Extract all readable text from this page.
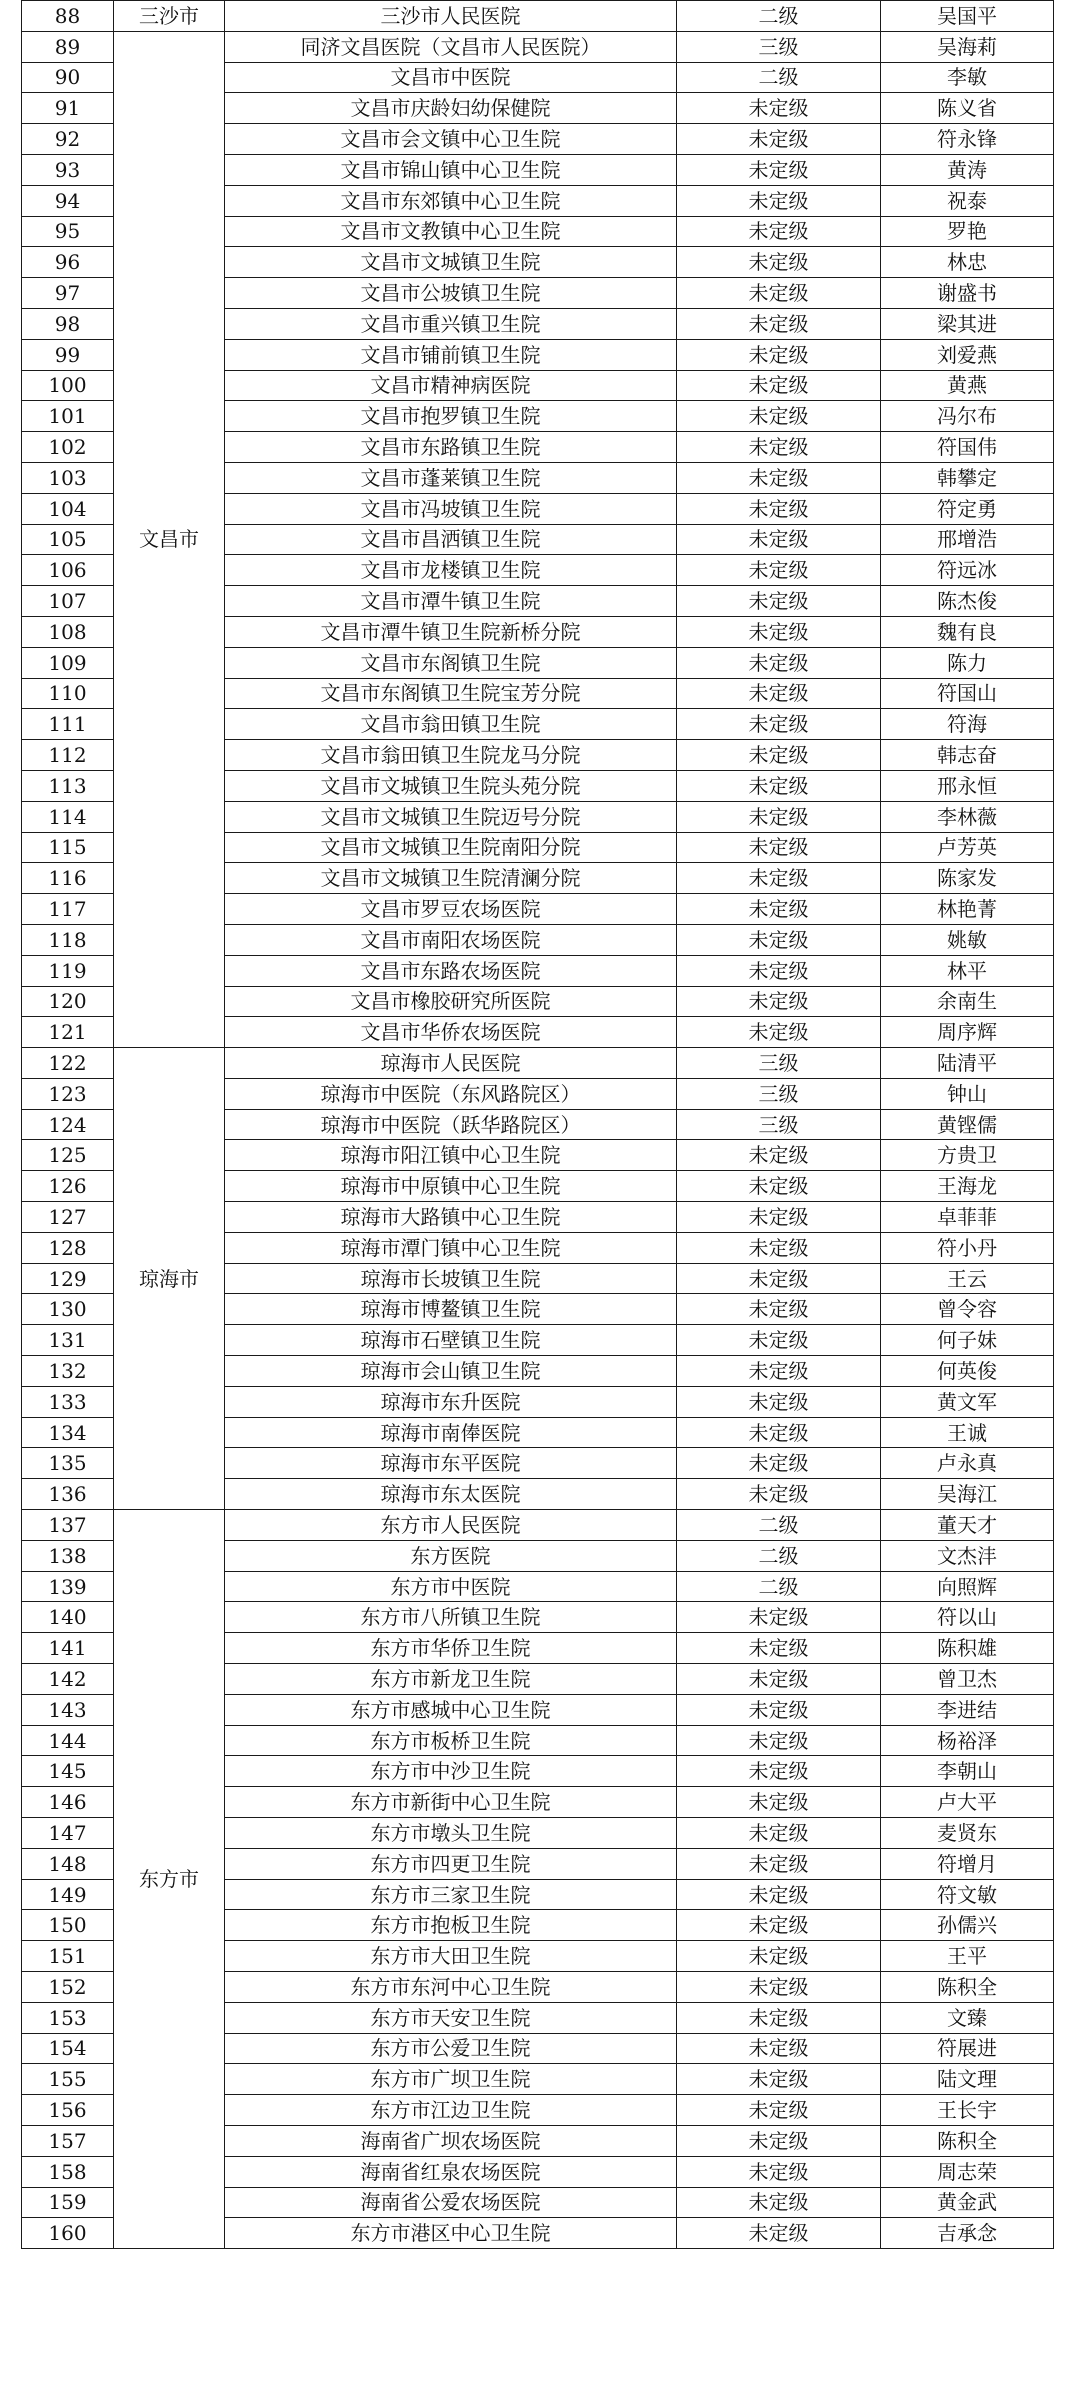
88	三沙市	三沙市人民医院	二级	吴国平
89	文昌市	同济文昌医院（文昌市人民医院）	三级	吴海莉
90		文昌市中医院	二级	李敏
91		文昌市庆龄妇幼保健院	未定级	陈义省
92		文昌市会文镇中心卫生院	未定级	符永锋
93		文昌市锦山镇中心卫生院	未定级	黄涛
94		文昌市东郊镇中心卫生院	未定级	祝泰
95		文昌市文教镇中心卫生院	未定级	罗艳
96		文昌市文城镇卫生院	未定级	林忠
97		文昌市公坡镇卫生院	未定级	谢盛书
98		文昌市重兴镇卫生院	未定级	梁其进
99		文昌市铺前镇卫生院	未定级	刘爱燕
100		文昌市精神病医院	未定级	黄燕
101		文昌市抱罗镇卫生院	未定级	冯尔布
102		文昌市东路镇卫生院	未定级	符国伟
103		文昌市蓬莱镇卫生院	未定级	韩攀定
104		文昌市冯坡镇卫生院	未定级	符定勇
105		文昌市昌洒镇卫生院	未定级	邢增浩
106		文昌市龙楼镇卫生院	未定级	符远冰
107		文昌市潭牛镇卫生院	未定级	陈杰俊
108		文昌市潭牛镇卫生院新桥分院	未定级	魏有良
109		文昌市东阁镇卫生院	未定级	陈力
110		文昌市东阁镇卫生院宝芳分院	未定级	符国山
111		文昌市翁田镇卫生院	未定级	符海
112		文昌市翁田镇卫生院龙马分院	未定级	韩志奋
113		文昌市文城镇卫生院头苑分院	未定级	邢永恒
114		文昌市文城镇卫生院迈号分院	未定级	李林薇
115		文昌市文城镇卫生院南阳分院	未定级	卢芳英
116		文昌市文城镇卫生院清澜分院	未定级	陈家发
117		文昌市罗豆农场医院	未定级	林艳菁
118		文昌市南阳农场医院	未定级	姚敏
119		文昌市东路农场医院	未定级	林平
120		文昌市橡胶研究所医院	未定级	余南生
121		文昌市华侨农场医院	未定级	周序辉
122	琼海市	琼海市人民医院	三级	陆清平
123		琼海市中医院（东风路院区）	三级	钟山
124		琼海市中医院（跃华路院区）	三级	黄铿儒
125		琼海市阳江镇中心卫生院	未定级	方贵卫
126		琼海市中原镇中心卫生院	未定级	王海龙
127		琼海市大路镇中心卫生院	未定级	卓菲菲
128		琼海市潭门镇中心卫生院	未定级	符小丹
129		琼海市长坡镇卫生院	未定级	王云
130		琼海市博鳌镇卫生院	未定级	曾令容
131		琼海市石壁镇卫生院	未定级	何子妹
132		琼海市会山镇卫生院	未定级	何英俊
133		琼海市东升医院	未定级	黄文军
134		琼海市南俸医院	未定级	王诚
135		琼海市东平医院	未定级	卢永真
136		琼海市东太医院	未定级	吴海江
137	东方市	东方市人民医院	二级	董天才
138		东方医院	二级	文杰沣
139		东方市中医院	二级	向照辉
140		东方市八所镇卫生院	未定级	符以山
141		东方市华侨卫生院	未定级	陈积雄
142		东方市新龙卫生院	未定级	曾卫杰
143		东方市感城中心卫生院	未定级	李进结
144		东方市板桥卫生院	未定级	杨裕泽
145		东方市中沙卫生院	未定级	李朝山
146		东方市新街中心卫生院	未定级	卢大平
147		东方市墩头卫生院	未定级	麦贤东
148		东方市四更卫生院	未定级	符增月
149		东方市三家卫生院	未定级	符文敏
150		东方市抱板卫生院	未定级	孙儒兴
151		东方市大田卫生院	未定级	王平
152		东方市东河中心卫生院	未定级	陈积全
153		东方市天安卫生院	未定级	文臻
154		东方市公爱卫生院	未定级	符展进
155		东方市广坝卫生院	未定级	陆文理
156		东方市江边卫生院	未定级	王长宇
157		海南省广坝农场医院	未定级	陈积全
158		海南省红泉农场医院	未定级	周志荣
159		海南省公爱农场医院	未定级	黄金武
160		东方市港区中心卫生院	未定级	吉承念
